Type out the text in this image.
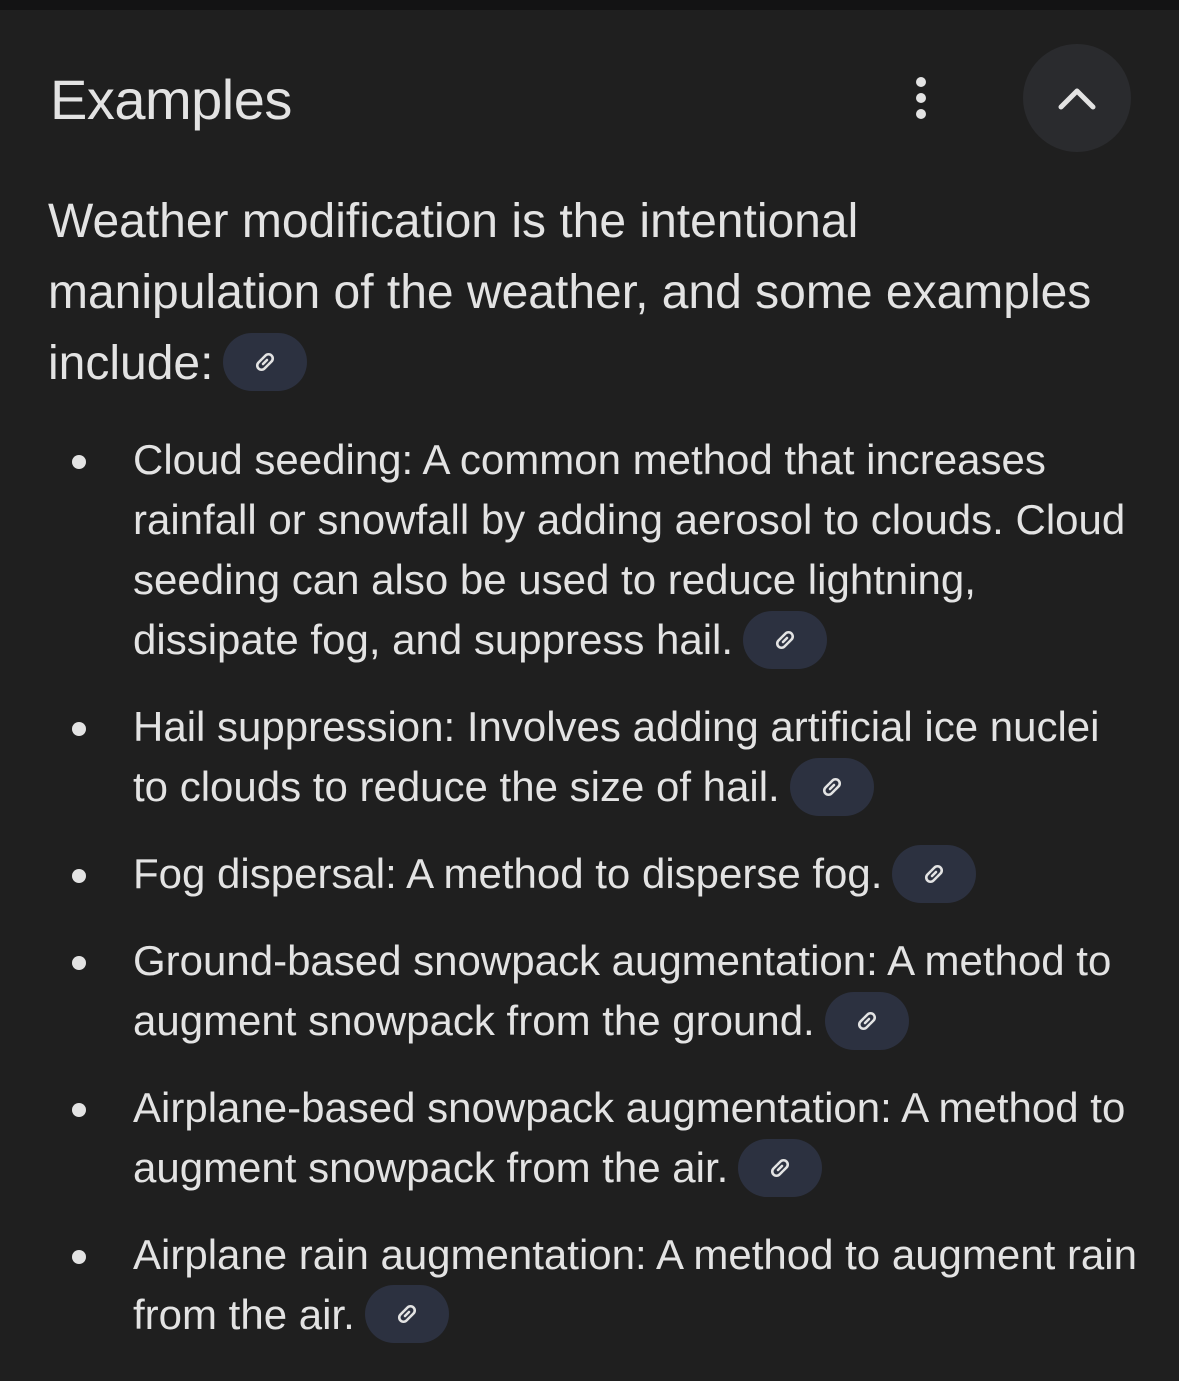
Examples

Weather modification is the intentional manipulation of the weather, and some examples include:

Cloud seeding: A common method that increases rainfall or snowfall by adding aerosol to clouds. Cloud seeding can also be used to reduce lightning, dissipate fog, and suppress hail.
Hail suppression: Involves adding artificial ice nuclei to clouds to reduce the size of hail.
Fog dispersal: A method to disperse fog.
Ground-based snowpack augmentation: A method to augment snowpack from the ground.
Airplane-based snowpack augmentation: A method to augment snowpack from the air.
Airplane rain augmentation: A method to augment rain from the air.
